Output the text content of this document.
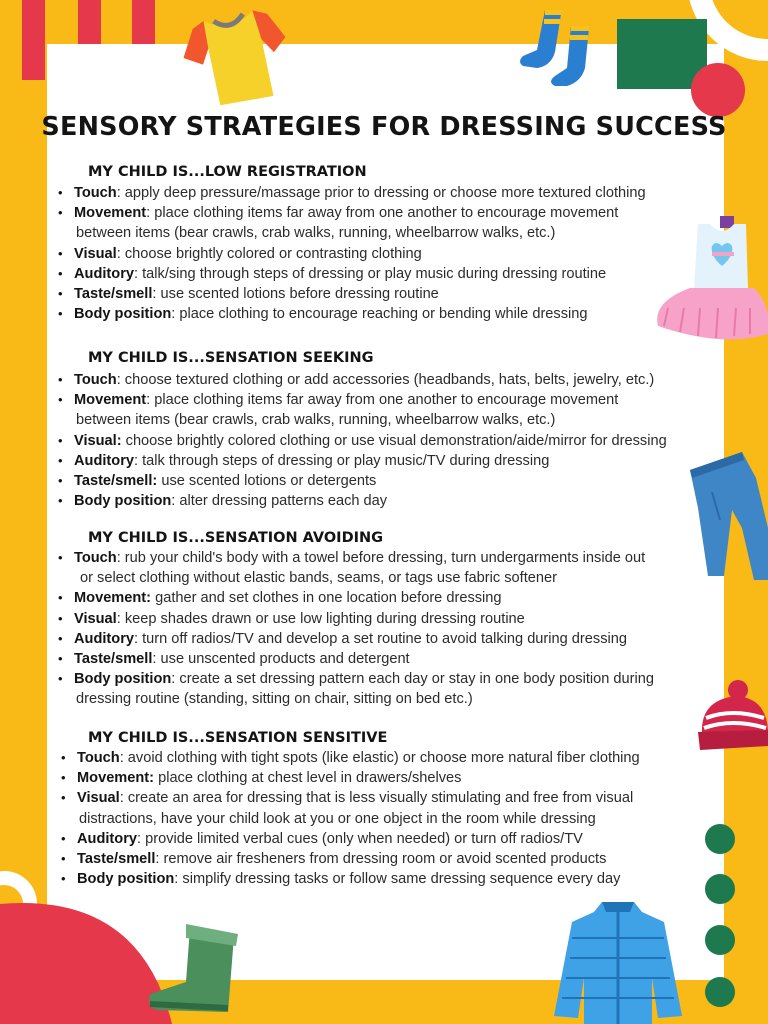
SENSORY STRATEGIES FOR DRESSING SUCCESS
MY CHILD IS...LOW REGISTRATION
• Touch: apply deep pressure/massage prior to dressing or choose more textured clothing
• Movement: place clothing items far away from one another to encourage movement
between items (bear crawls, crab walks, running, wheelbarrow walks, etc.)
• Visual: choose brightly colored or contrasting clothing
• Auditory: talk/sing through steps of dressing or play music during dressing routine
• Taste/smell: use scented lotions before dressing routine
• Body position: place clothing to encourage reaching or bending while dressing
MY CHILD IS...SENSATION SEEKING
• Touch: choose textured clothing or add accessories (headbands, hats, belts, jewelry, etc.)
• Movement: place clothing items far away from one another to encourage movement
between items (bear crawls, crab walks, running, wheelbarrow walks, etc.)
• Visual: choose brightly colored clothing or use visual demonstration/aide/mirror for dressing
• Auditory: talk through steps of dressing or play music/TV during dressing
• Taste/smell: use scented lotions or detergents
• Body position: alter dressing patterns each day
MY CHILD IS...SENSATION AVOIDING
• Touch: rub your child's body with a towel before dressing, turn undergarments inside out
or select clothing without elastic bands, seams, or tags use fabric softener
• Movement: gather and set clothes in one location before dressing
• Visual: keep shades drawn or use low lighting during dressing routine
• Auditory: turn off radios/TV and develop a set routine to avoid talking during dressing
• Taste/smell: use unscented products and detergent
• Body position: create a set dressing pattern each day or stay in one body position during
dressing routine (standing, sitting on chair, sitting on bed etc.)
MY CHILD IS...SENSATION SENSITIVE
• Touch: avoid clothing with tight spots (like elastic) or choose more natural fiber clothing
• Movement: place clothing at chest level in drawers/shelves
• Visual: create an area for dressing that is less visually stimulating and free from visual
distractions, have your child look at you or one object in the room while dressing
• Auditory: provide limited verbal cues (only when needed) or turn off radios/TV
• Taste/smell: remove air fresheners from dressing room or avoid scented products
• Body position: simplify dressing tasks or follow same dressing sequence every day
